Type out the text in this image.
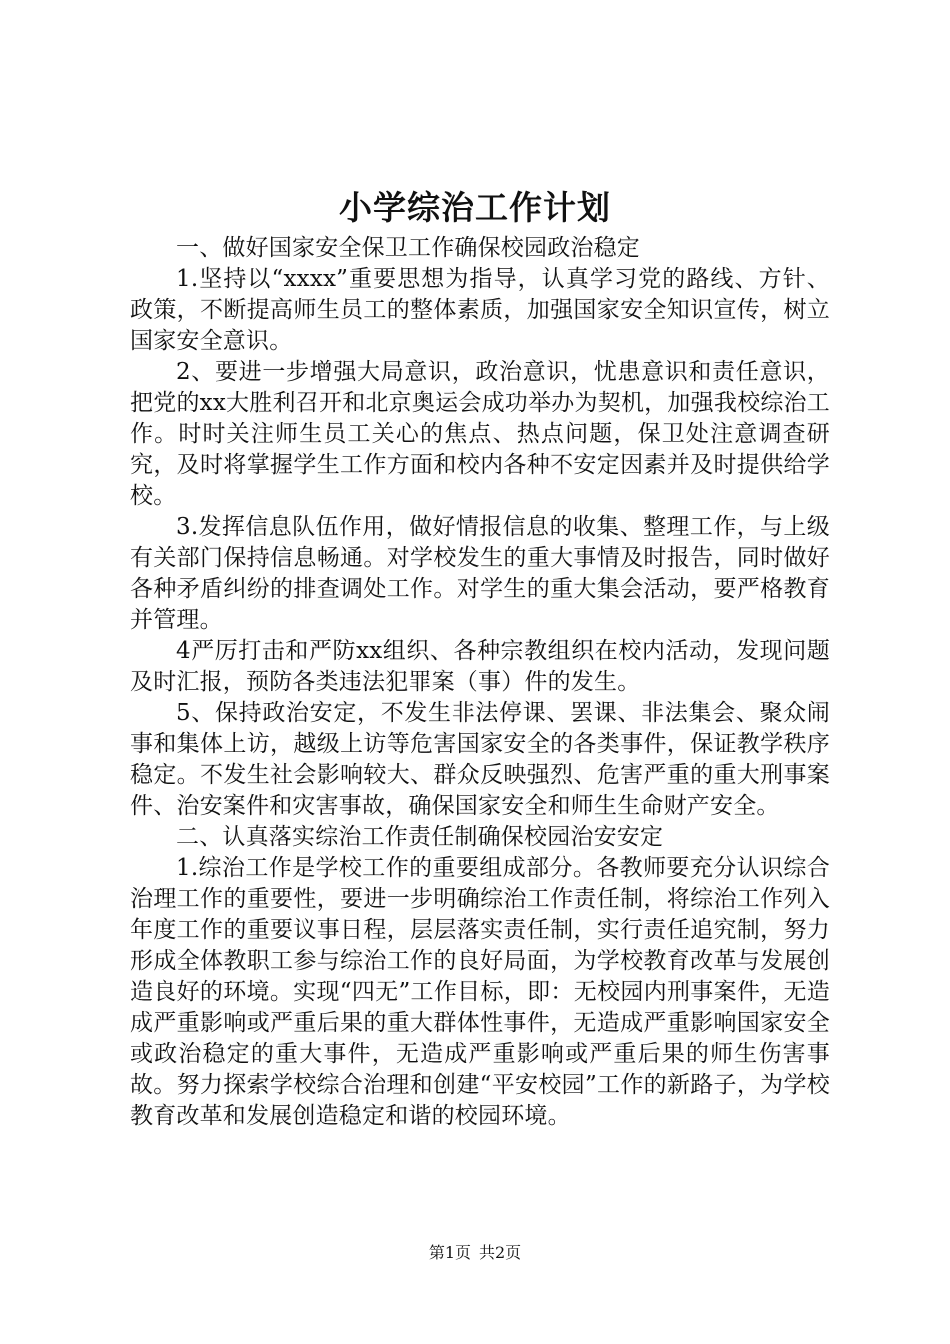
小学综治工作计划

一、做好国家安全保卫工作确保校园政治稳定

1.坚持以“xxxx”重要思想为指导，认真学习党的路线、方针、政策，不断提高师生员工的整体素质，加强国家安全知识宣传，树立国家安全意识。

2、要进一步增强大局意识，政治意识，忧患意识和责任意识，把党的xx大胜利召开和北京奥运会成功举办为契机，加强我校综治工作。时时关注师生员工关心的焦点、热点问题，保卫处注意调查研究，及时将掌握学生工作方面和校内各种不安定因素并及时提供给学校。

3.发挥信息队伍作用，做好情报信息的收集、整理工作，与上级有关部门保持信息畅通。对学校发生的重大事情及时报告，同时做好各种矛盾纠纷的排查调处工作。对学生的重大集会活动，要严格教育并管理。

4严厉打击和严防xx组织、各种宗教组织在校内活动，发现问题及时汇报，预防各类违法犯罪案（事）件的发生。

5、保持政治安定，不发生非法停课、罢课、非法集会、聚众闹事和集体上访，越级上访等危害国家安全的各类事件，保证教学秩序稳定。不发生社会影响较大、群众反映强烈、危害严重的重大刑事案件、治安案件和灾害事故，确保国家安全和师生生命财产安全。

二、认真落实综治工作责任制确保校园治安安定

1.综治工作是学校工作的重要组成部分。各教师要充分认识综合治理工作的重要性，要进一步明确综治工作责任制，将综治工作列入年度工作的重要议事日程，层层落实责任制，实行责任追究制，努力形成全体教职工参与综治工作的良好局面，为学校教育改革与发展创造良好的环境。实现“四无”工作目标，即：无校园内刑事案件，无造成严重影响或严重后果的重大群体性事件，无造成严重影响国家安全或政治稳定的重大事件，无造成严重影响或严重后果的师生伤害事故。努力探索学校综合治理和创建“平安校园”工作的新路子，为学校教育改革和发展创造稳定和谐的校园环境。

第1页 共2页
